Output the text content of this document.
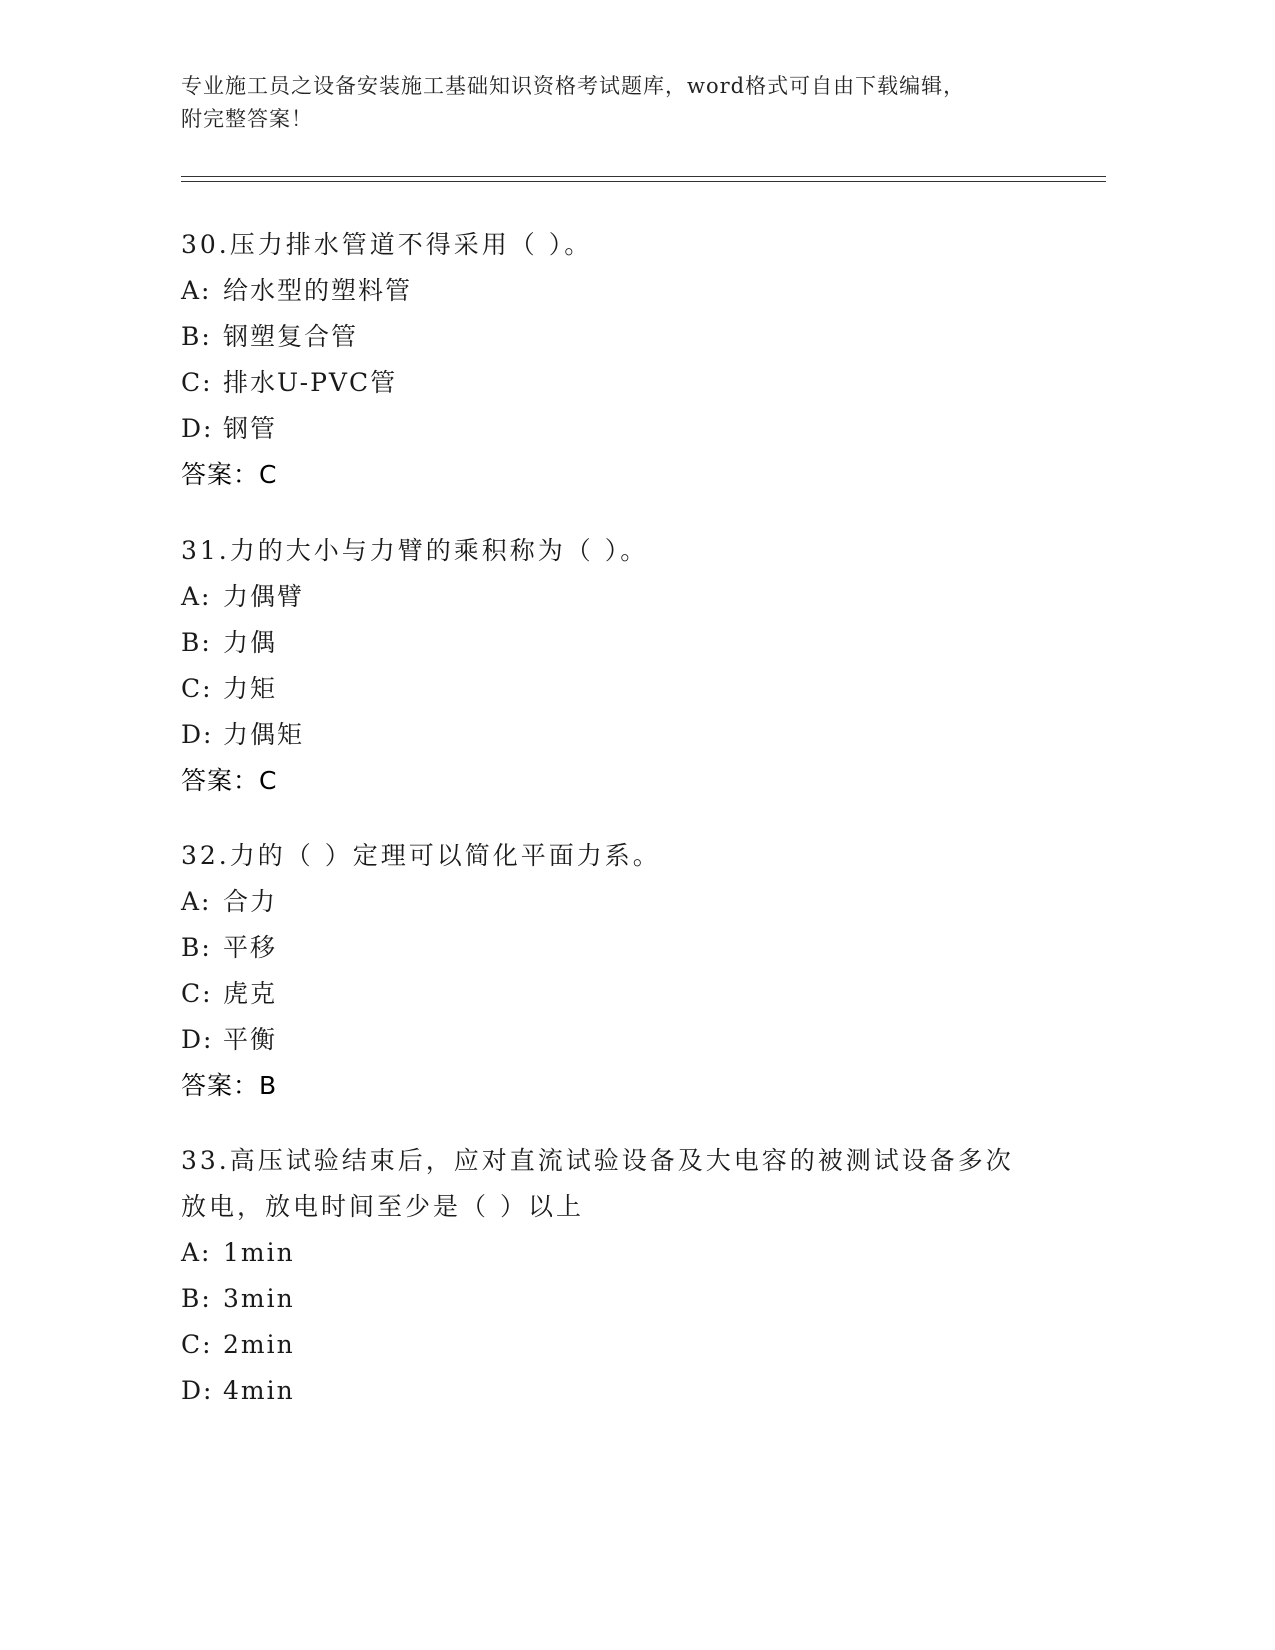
专业施工员之设备安装施工基础知识资格考试题库，word格式可自由下载编辑，
附完整答案！

30.压力排水管道不得采用（ ）。

A: 给水型的塑料管

B: 钢塑复合管

C: 排水U-PVC管

D: 钢管

答案：C

31.力的大小与力臂的乘积称为（ ）。

A: 力偶臂

B: 力偶

C: 力矩

D: 力偶矩

答案：C

32.力的（ ）定理可以简化平面力系。

A: 合力

B: 平移

C: 虎克

D: 平衡

答案：B

33.高压试验结束后，应对直流试验设备及大电容的被测试设备多次放电，放电时间至少是（ ）以上

A: 1min

B: 3min

C: 2min

D: 4min
